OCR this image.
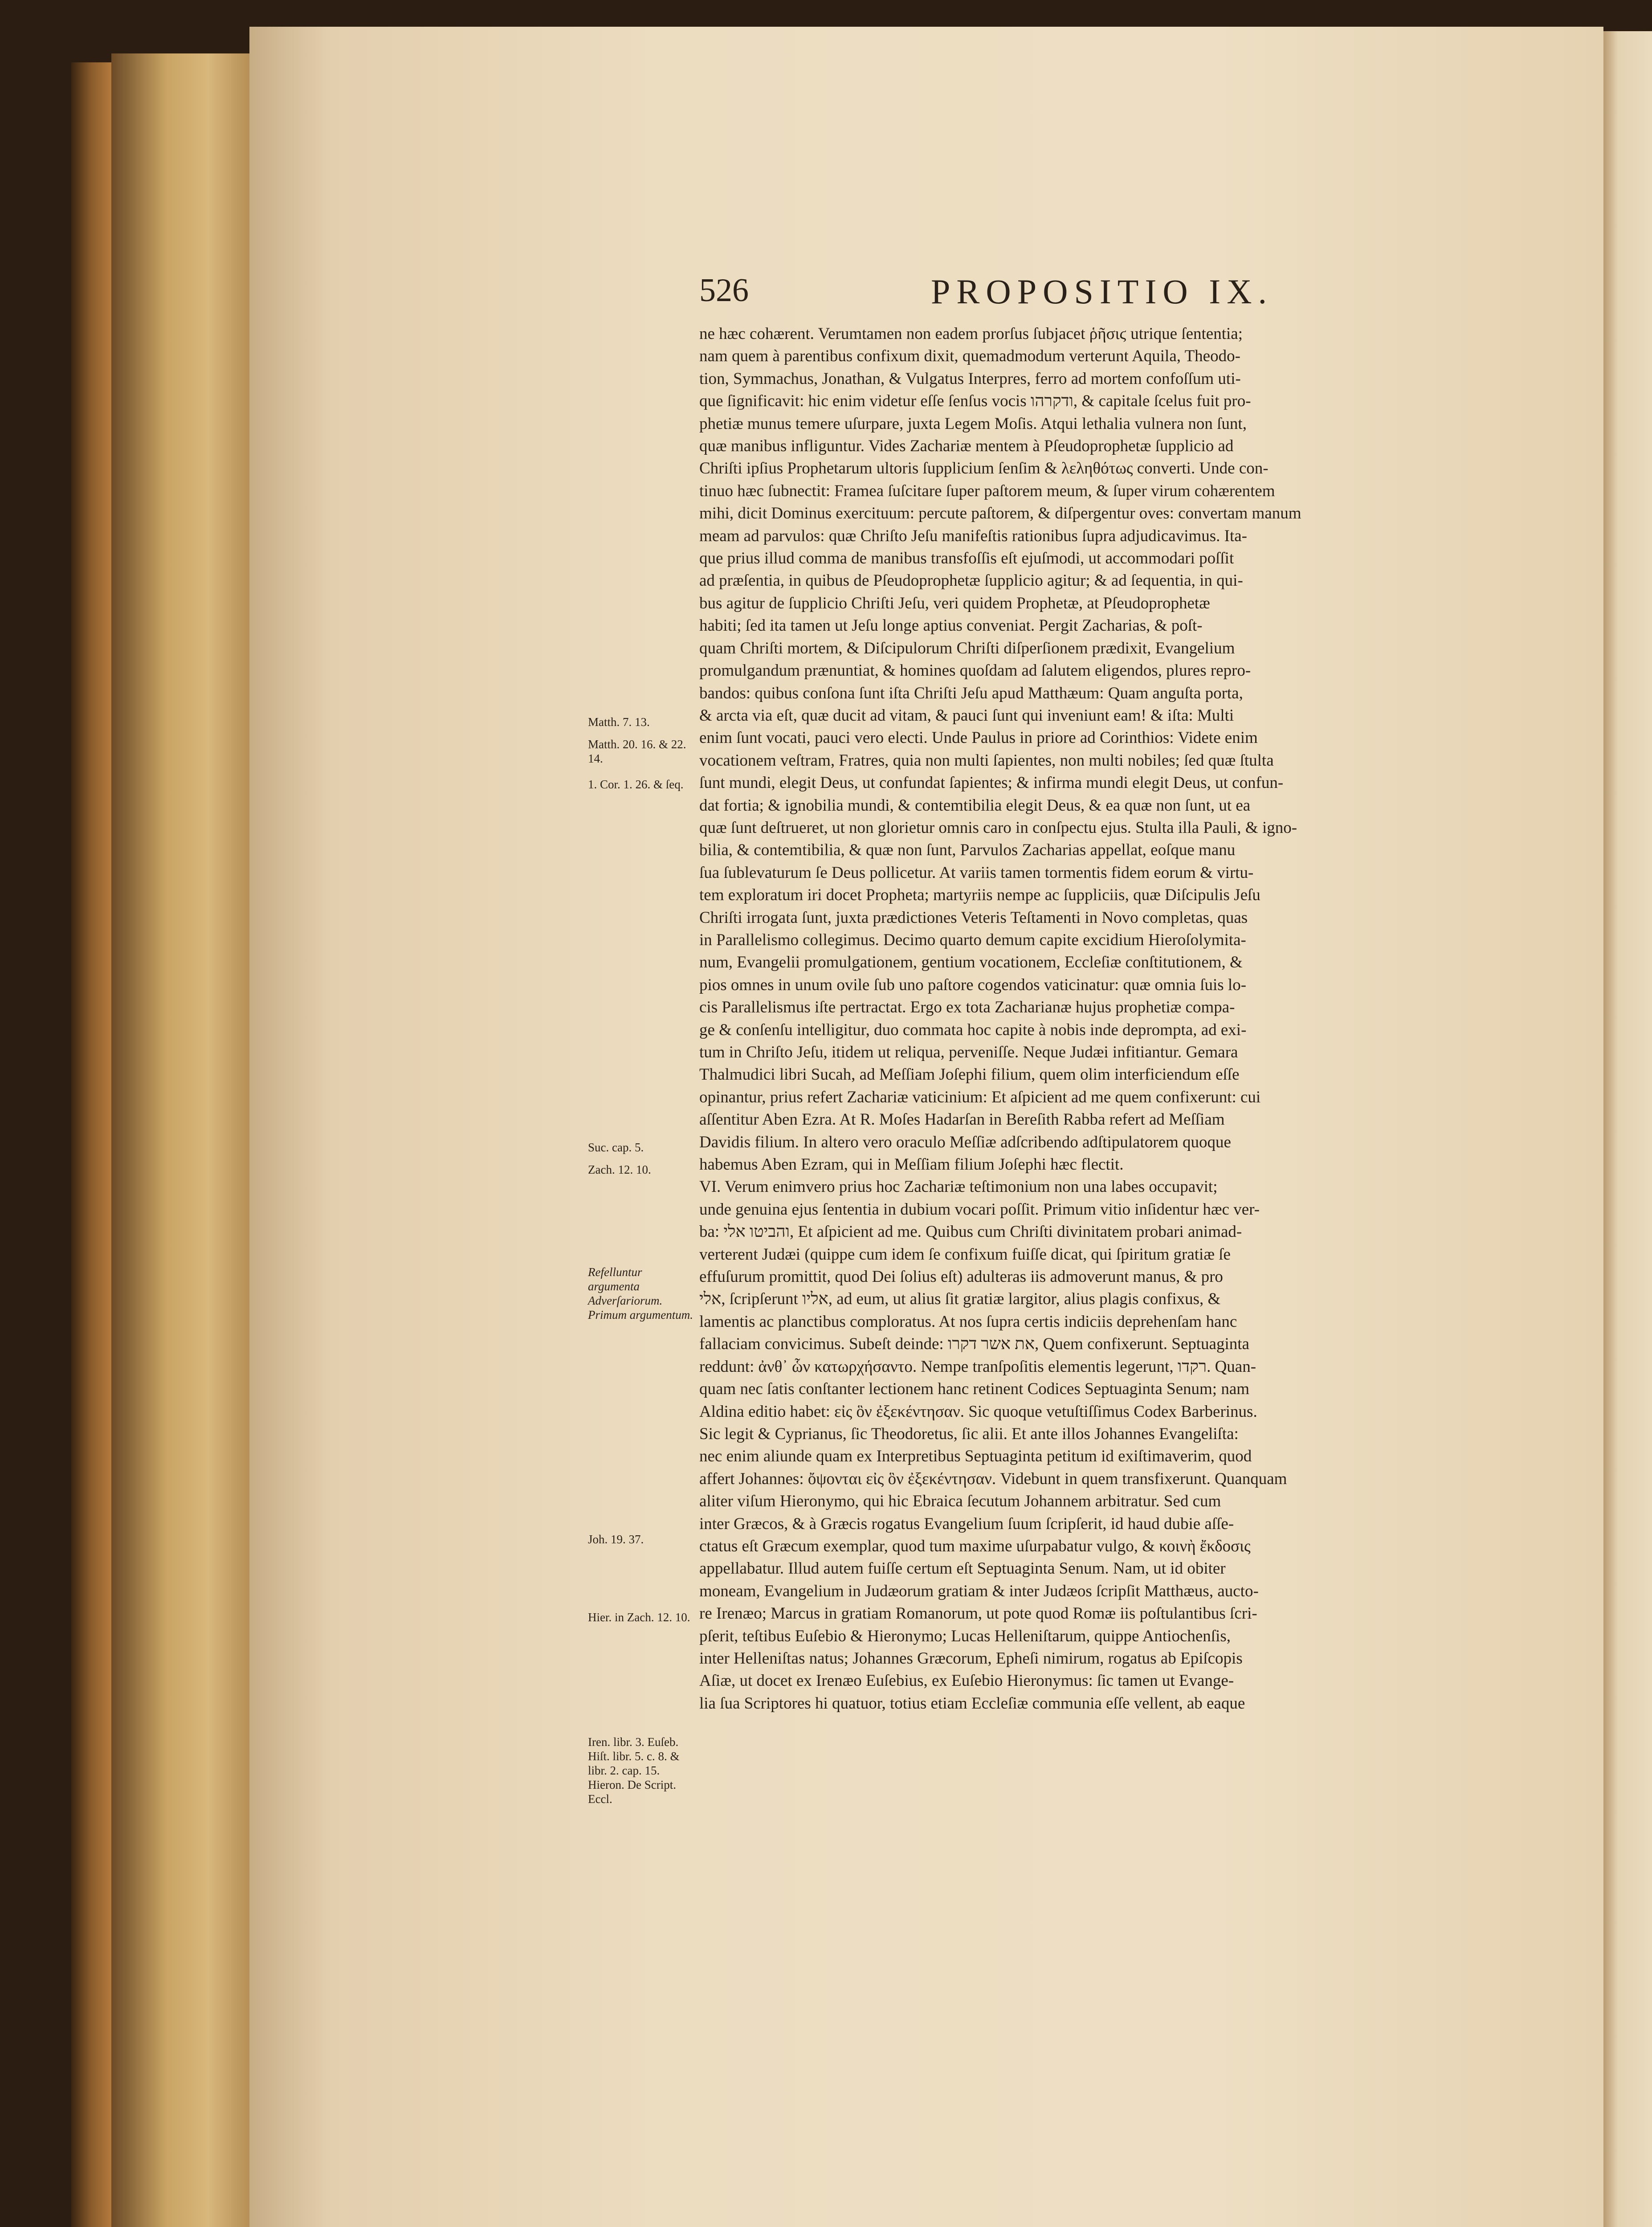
526	PROPOSITIO IX.
ne hæc cohærent. Verumtamen non eadem prorſus ſubjacet ῥῆσιϛ utrique ſententia;
nam quem à parentibus confixum dixit, quemadmodum verterunt Aquila, Theodo-
tion, Symmachus, Jonathan, & Vulgatus Interpres, ferro ad mortem confoſſum uti-
que ſignificavit: hic enim videtur eſſe ſenſus vocis ודקרהו, & capitale ſcelus fuit pro-
phetiæ munus temere uſurpare, juxta Legem Moſis. Atqui lethalia vulnera non ſunt,
quæ manibus infliguntur. Vides Zachariæ mentem à Pſeudoprophetæ ſupplicio ad
Chriſti ipſius Prophetarum ultoris ſupplicium ſenſim & λεληθότως converti. Unde con-
tinuo hæc ſubnectit: Framea ſuſcitare ſuper paſtorem meum, & ſuper virum cohærentem
mihi, dicit Dominus exercituum: percute paſtorem, & diſpergentur oves: convertam manum
meam ad parvulos: quæ Chriſto Jeſu manifeſtis rationibus ſupra adjudicavimus. Ita-
que prius illud comma de manibus transfoſſis eſt ejuſmodi, ut accommodari poſſit
ad præſentia, in quibus de Pſeudoprophetæ ſupplicio agitur; & ad ſequentia, in qui-
bus agitur de ſupplicio Chriſti Jeſu, veri quidem Prophetæ, at Pſeudoprophetæ
habiti; ſed ita tamen ut Jeſu longe aptius conveniat. Pergit Zacharias, & poſt-
quam Chriſti mortem, & Diſcipulorum Chriſti diſperſionem prædixit, Evangelium
promulgandum prænuntiat, & homines quoſdam ad ſalutem eligendos, plures repro-
bandos: quibus conſona ſunt iſta Chriſti Jeſu apud Matthæum: Quam anguſta porta,
& arcta via eſt, quæ ducit ad vitam, & pauci ſunt qui inveniunt eam! & iſta: Multi
enim ſunt vocati, pauci vero electi. Unde Paulus in priore ad Corinthios: Videte enim
vocationem veſtram, Fratres, quia non multi ſapientes, non multi nobiles; ſed quæ ſtulta
ſunt mundi, elegit Deus, ut confundat ſapientes; & infirma mundi elegit Deus, ut confun-
dat fortia; & ignobilia mundi, & contemtibilia elegit Deus, & ea quæ non ſunt, ut ea
quæ ſunt deſtrueret, ut non glorietur omnis caro in conſpectu ejus. Stulta illa Pauli, & igno-
bilia, & contemtibilia, & quæ non ſunt, Parvulos Zacharias appellat, eoſque manu
ſua ſublevaturum ſe Deus pollicetur. At variis tamen tormentis fidem eorum & virtu-
tem exploratum iri docet Propheta; martyriis nempe ac ſuppliciis, quæ Diſcipulis Jeſu
Chriſti irrogata ſunt, juxta prædictiones Veteris Teſtamenti in Novo completas, quas
in Parallelismo collegimus. Decimo quarto demum capite excidium Hieroſolymita-
num, Evangelii promulgationem, gentium vocationem, Eccleſiæ conſtitutionem, &
pios omnes in unum ovile ſub uno paſtore cogendos vaticinatur: quæ omnia ſuis lo-
cis Parallelismus iſte pertractat. Ergo ex tota Zacharianæ hujus prophetiæ compa-
ge & conſenſu intelligitur, duo commata hoc capite à nobis inde deprompta, ad exi-
tum in Chriſto Jeſu, itidem ut reliqua, perveniſſe. Neque Judæi infitiantur. Gemara
Thalmudici libri Sucah, ad Meſſiam Joſephi filium, quem olim interficiendum eſſe
opinantur, prius refert Zachariæ vaticinium: Et aſpicient ad me quem confixerunt: cui
aſſentitur Aben Ezra. At R. Moſes Hadarſan in Bereſith Rabba refert ad Meſſiam
Davidis filium. In altero vero oraculo Meſſiæ adſcribendo adſtipulatorem quoque
habemus Aben Ezram, qui in Meſſiam filium Joſephi hæc flectit.
VI. Verum enimvero prius hoc Zachariæ teſtimonium non una labes occupavit;
unde genuina ejus ſententia in dubium vocari poſſit. Primum vitio inſidentur hæc ver-
ba: והביטו אלי, Et aſpicient ad me. Quibus cum Chriſti divinitatem probari animad-
verterent Judæi (quippe cum idem ſe confixum fuiſſe dicat, qui ſpiritum gratiæ ſe
effuſurum promittit, quod Dei ſolius eſt) adulteras iis admoverunt manus, & pro
אלי, ſcripſerunt אליו, ad eum, ut alius ſit gratiæ largitor, alius plagis confixus, &
lamentis ac planctibus comploratus. At nos ſupra certis indiciis deprehenſam hanc
fallaciam convicimus. Subeſt deinde: את אשר דקרו, Quem confixerunt. Septuaginta
reddunt: ἀνθ᾽ ὧν κατωρχήσαντο. Nempe tranſpoſitis elementis legerunt, רקדו. Quan-
quam nec ſatis conſtanter lectionem hanc retinent Codices Septuaginta Senum; nam
Aldina editio habet: εἰς ὃν ἐξεκέντησαν. Sic quoque vetuſtiſſimus Codex Barberinus.
Sic legit & Cyprianus, ſic Theodoretus, ſic alii. Et ante illos Johannes Evangeliſta:
nec enim aliunde quam ex Interpretibus Septuaginta petitum id exiſtimaverim, quod
affert Johannes: ὄψονται εἰς ὃν ἐξεκέντησαν. Videbunt in quem transfixerunt. Quanquam
aliter viſum Hieronymo, qui hic Ebraica ſecutum Johannem arbitratur. Sed cum
inter Græcos, & à Græcis rogatus Evangelium ſuum ſcripſerit, id haud dubie aſſe-
ctatus eſt Græcum exemplar, quod tum maxime uſurpabatur vulgo, & κοινὴ ἔκδοσις
appellabatur. Illud autem fuiſſe certum eſt Septuaginta Senum. Nam, ut id obiter
moneam, Evangelium in Judæorum gratiam & inter Judæos ſcripſit Matthæus, aucto-
re Irenæo; Marcus in gratiam Romanorum, ut pote quod Romæ iis poſtulantibus ſcri-
pſerit, teſtibus Euſebio & Hieronymo; Lucas Helleniſtarum, quippe Antiochenſis,
inter Helleniſtas natus; Johannes Græcorum, Epheſi nimirum, rogatus ab Epiſcopis
Aſiæ, ut docet ex Irenæo Euſebius, ex Euſebio Hieronymus: ſic tamen ut Evange-
lia ſua Scriptores hi quatuor, totius etiam Eccleſiæ communia eſſe vellent, ab eaque
Matth. 7. 13.
Matth. 20. 16. & 22. 14.
1. Cor. 1. 26. & ſeq.
Suc. cap. 5.
Zach. 12. 10.
Refelluntur argumenta Adverſariorum. Primum argumentum.
Joh. 19. 37.
Hier. in Zach. 12. 10.
Iren. libr. 3. Euſeb. Hiſt. libr. 5. c. 8. & libr. 2. cap. 15. Hieron. De Script. Eccl.
